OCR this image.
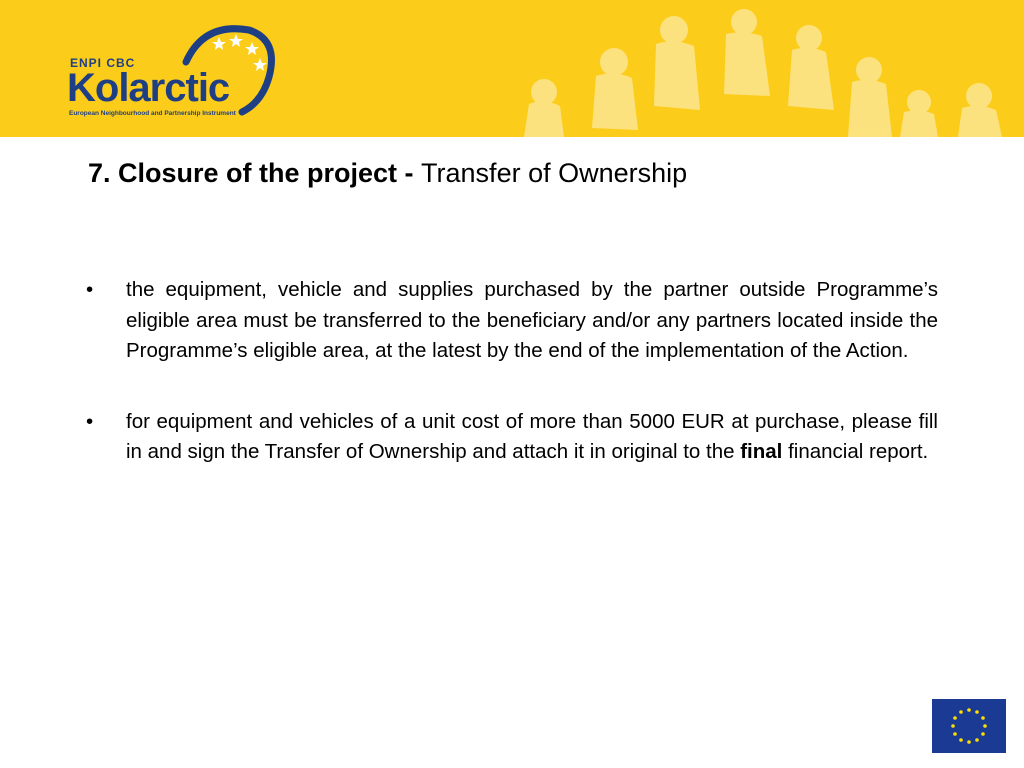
ENPI CBC
Kolarctic
European Neighbourhood and Partnership Instrument
7. Closure of the project - Transfer of Ownership
• the equipment, vehicle and supplies purchased by the partner outside Programme’s eligible area must be transferred to the beneficiary and/or any partners located inside the Programme’s eligible area, at the latest by the end of the implementation of the Action.
• for equipment and vehicles of a unit cost of more than 5000 EUR at purchase, please fill in and sign the Transfer of Ownership and attach it in original to the final financial report.
